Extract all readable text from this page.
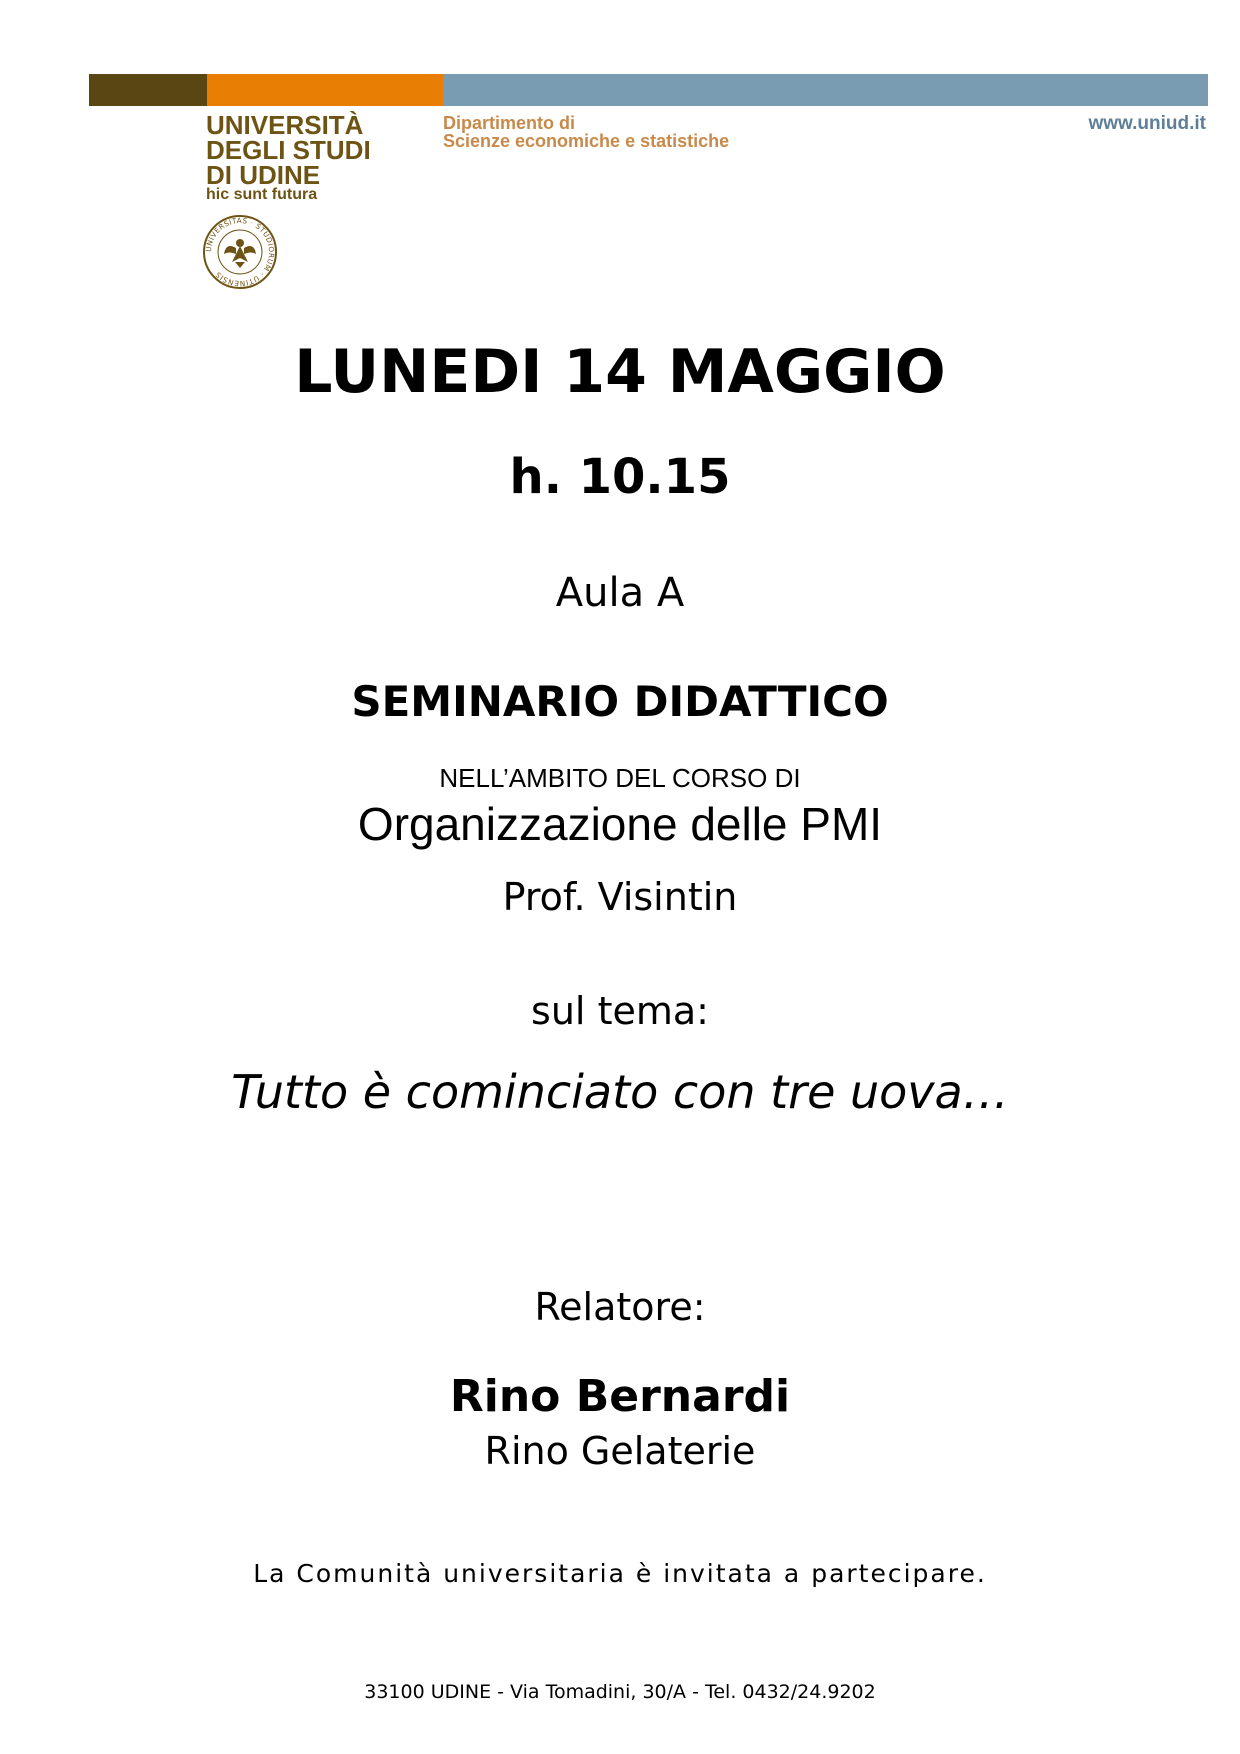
UNIVERSITÀ
DEGLI STUDI
DI UDINE
hic sunt futura
Dipartimento di
Scienze economiche e statistiche
www.uniud.it
UNIVERSITAS · STUDIORUM · UTINENSIS
LUNEDI 14 MAGGIO
h. 10.15
Aula A
SEMINARIO DIDATTICO
NELL’AMBITO DEL CORSO DI
Organizzazione delle PMI
Prof. Visintin
sul tema:
Tutto è cominciato con tre uova…
Relatore:
Rino Bernardi
Rino Gelaterie
La Comunità universitaria è invitata a partecipare.
33100 UDINE - Via Tomadini, 30/A - Tel. 0432/24.9202
